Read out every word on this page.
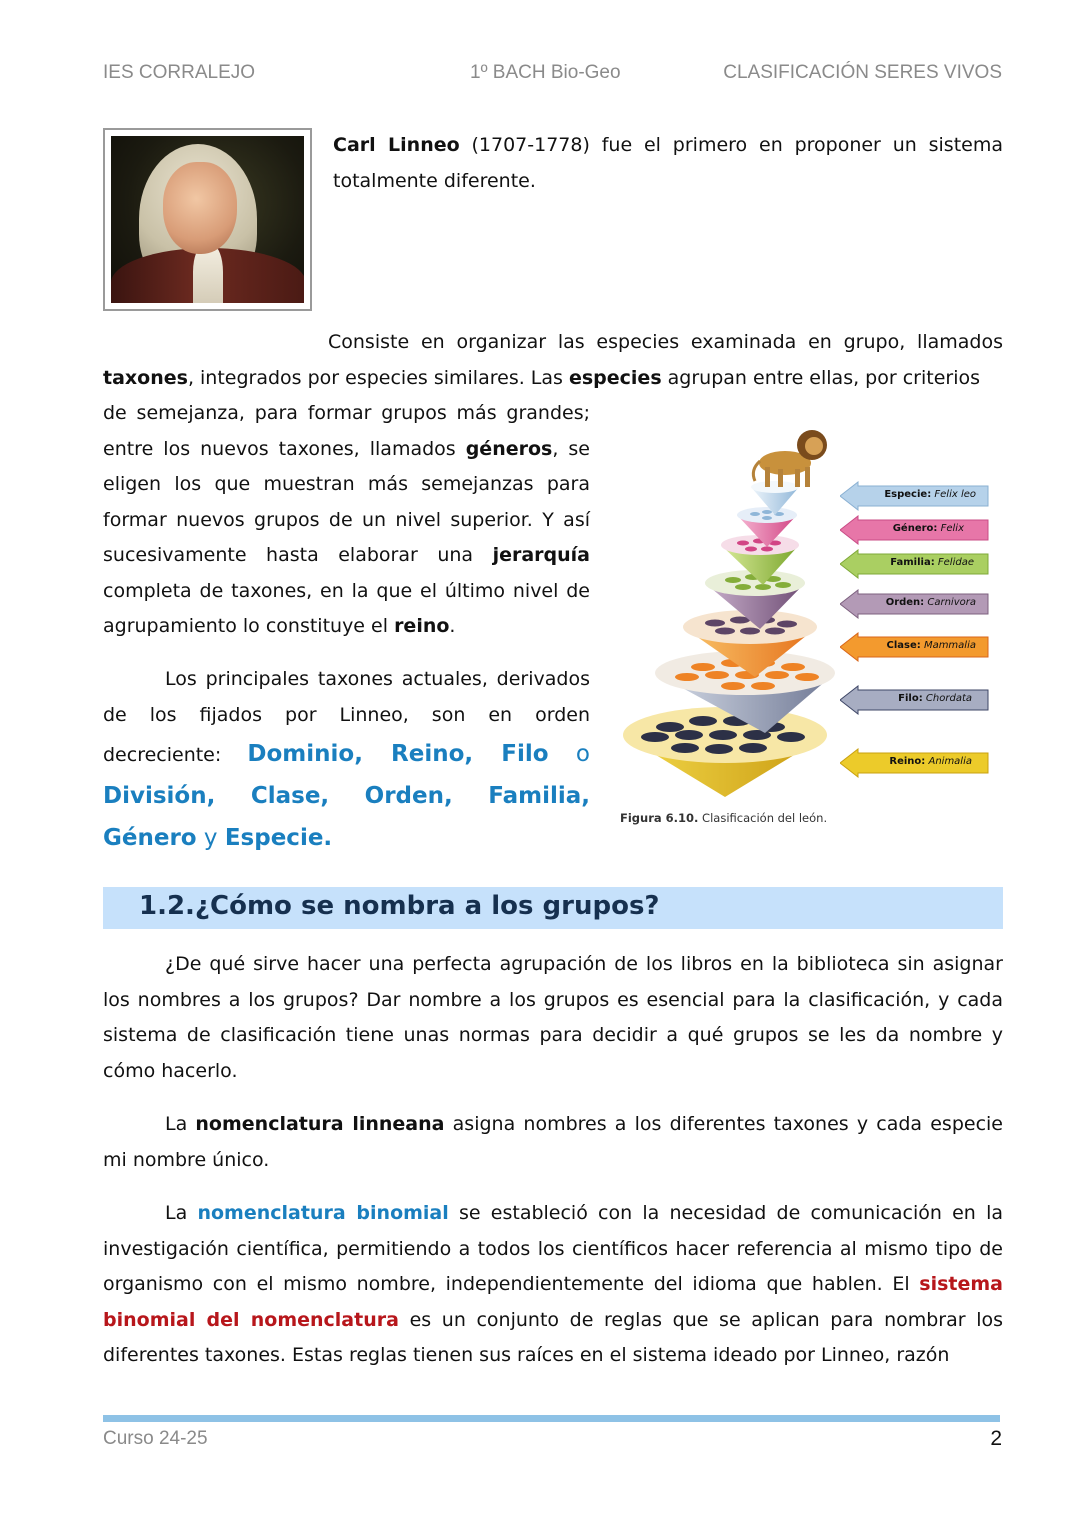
IES CORRALEJO	1º BACH Bio-Geo	CLASIFICACIÓN SERES VIVOS

Carl Linneo (1707-1778) fue el primero en proponer un sistema totalmente diferente.

Consiste en organizar las especies examinada en grupo, llamados taxones, integrados por especies similares. Las especies agrupan entre ellas, por criterios

de semejanza, para formar grupos más grandes; entre los nuevos taxones, llamados géneros, se eligen los que muestran más semejanzas para formar nuevos grupos de un nivel superior. Y así sucesivamente hasta elaborar una jerarquía completa de taxones, en la que el último nivel de agrupamiento lo constituye el reino.

Los principales taxones actuales, derivados de los fijados por Linneo, son en orden decreciente: Dominio, Reino, Filo o División, Clase, Orden, Familia, Género y Especie.

Especie: Felix leo
Género: Felix
Familia: Felidae
Orden: Carnivora
Clase: Mammalia
Filo: Chordata
Reino: Animalia
Figura 6.10. Clasificación del león.
1.2.¿Cómo se nombra a los grupos?

¿De qué sirve hacer una perfecta agrupación de los libros en la biblioteca sin asignar los nombres a los grupos? Dar nombre a los grupos es esencial para la clasificación, y cada sistema de clasificación tiene unas normas para decidir a qué grupos se les da nombre y cómo hacerlo.

La nomenclatura linneana asigna nombres a los diferentes taxones y cada especie mi nombre único.

La nomenclatura binomial se estableció con la necesidad de comunicación en la investigación científica, permitiendo a todos los científicos hacer referencia al mismo tipo de organismo con el mismo nombre, independientemente del idioma que hablen. El sistema binomial del nomenclatura es un conjunto de reglas que se aplican para nombrar los diferentes taxones. Estas reglas tienen sus raíces en el sistema ideado por Linneo, razón

Curso 24-25	2
